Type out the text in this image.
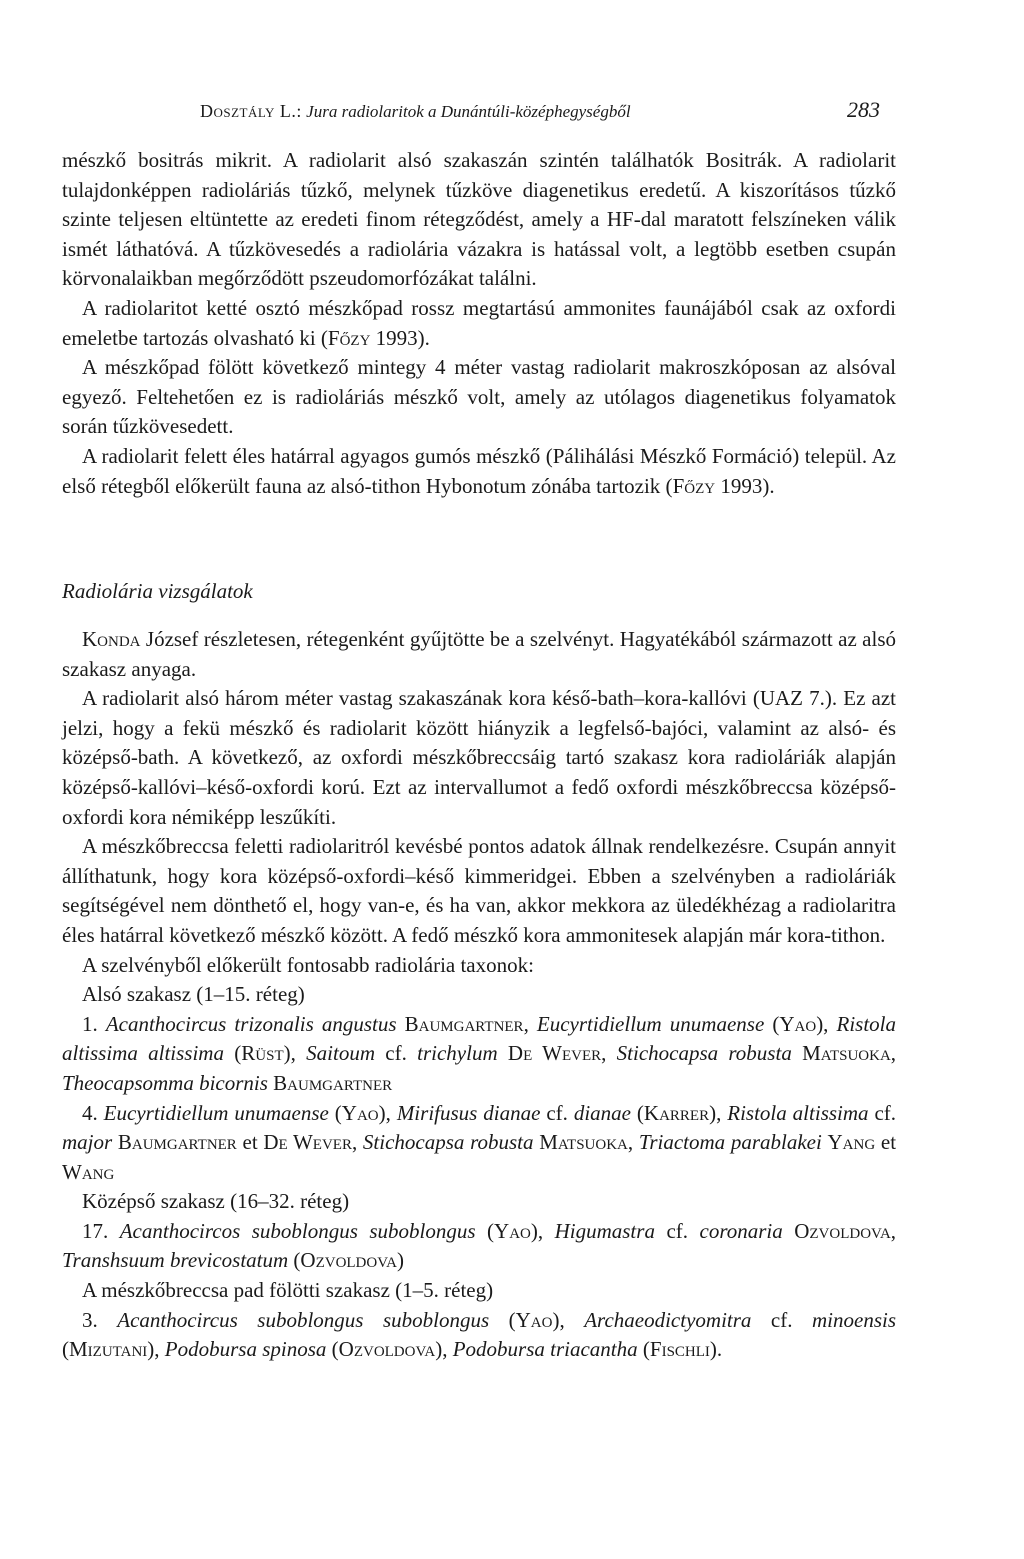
Dosztály L.: Jura radiolaritok a Dunántúli-középhegységből	283

mészkő bositrás mikrit. A radiolarit alsó szakaszán szintén találhatók Bositrák. A radiolarit tulajdonképpen radioláriás tűzkő, melynek tűzköve diagenetikus eredetű. A kiszorításos tűzkő szinte teljesen eltüntette az eredeti finom rétegződést, amely a HF-dal maratott felszíneken válik ismét láthatóvá. A tűzkövesedés a radiolária vázakra is hatással volt, a legtöbb esetben csupán körvonalaikban megőrződött pszeudomorfózákat találni.

A radiolaritot ketté osztó mészkőpad rossz megtartású ammonites faunájából csak az oxfordi emeletbe tartozás olvasható ki (Főzy 1993).

A mészkőpad fölött következő mintegy 4 méter vastag radiolarit makroszkóposan az alsóval egyező. Feltehetően ez is radioláriás mészkő volt, amely az utólagos diagenetikus folyamatok során tűzkövesedett.

A radiolarit felett éles határral agyagos gumós mészkő (Pálihálási Mészkő Formáció) települ. Az első rétegből előkerült fauna az alsó-tithon Hybonotum zónába tartozik (Főzy 1993).

Radiolária vizsgálatok

Konda József részletesen, rétegenként gyűjtötte be a szelvényt. Hagyatékából származott az alsó szakasz anyaga.

A radiolarit alsó három méter vastag szakaszának kora késő-bath–kora-kallóvi (UAZ 7.). Ez azt jelzi, hogy a fekü mészkő és radiolarit között hiányzik a legfelső-bajóci, valamint az alsó- és középső-bath. A következő, az oxfordi mészkőbreccsáig tartó szakasz kora radioláriák alapján középső-kallóvi–késő-oxfordi korú. Ezt az intervallumot a fedő oxfordi mészkőbreccsa középső-oxfordi kora némiképp leszűkíti.

A mészkőbreccsa feletti radiolaritról kevésbé pontos adatok állnak rendelkezésre. Csupán annyit állíthatunk, hogy kora középső-oxfordi–késő kimmeridgei. Ebben a szelvényben a radioláriák segítségével nem dönthető el, hogy van-e, és ha van, akkor mekkora az üledékhézag a radiolaritra éles határral következő mészkő között. A fedő mészkő kora ammonitesek alapján már kora-tithon.

A szelvényből előkerült fontosabb radiolária taxonok:

Alsó szakasz (1–15. réteg)

1. Acanthocircus trizonalis angustus Baumgartner, Eucyrtidiellum unumaense (Yao), Ristola altissima altissima (Rüst), Saitoum cf. trichylum De Wever, Stichocapsa robusta Matsuoka, Theocapsomma bicornis Baumgartner

4. Eucyrtidiellum unumaense (Yao), Mirifusus dianae cf. dianae (Karrer), Ristola altissima cf. major Baumgartner et De Wever, Stichocapsa robusta Matsuoka, Triactoma parablakei Yang et Wang

Középső szakasz (16–32. réteg)

17. Acanthocircos suboblongus suboblongus (Yao), Higumastra cf. coronaria Ozvoldova, Transhsuum brevicostatum (Ozvoldova)

A mészkőbreccsa pad fölötti szakasz (1–5. réteg)

3. Acanthocircus suboblongus suboblongus (Yao), Archaeodictyomitra cf. minoensis (Mizutani), Podobursa spinosa (Ozvoldova), Podobursa triacantha (Fischli).
